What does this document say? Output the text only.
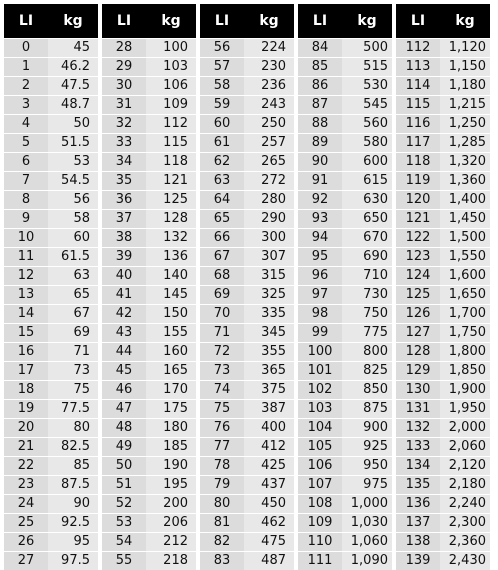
LI	kg
0	45
1	46.2
2	47.5
3	48.7
4	50
5	51.5
6	53
7	54.5
8	56
9	58
10	60
11	61.5
12	63
13	65
14	67
15	69
16	71
17	73
18	75
19	77.5
20	80
21	82.5
22	85
23	87.5
24	90
25	92.5
26	95
27	97.5
LI	kg
28	100
29	103
30	106
31	109
32	112
33	115
34	118
35	121
36	125
37	128
38	132
39	136
40	140
41	145
42	150
43	155
44	160
45	165
46	170
47	175
48	180
49	185
50	190
51	195
52	200
53	206
54	212
55	218
LI	kg
56	224
57	230
58	236
59	243
60	250
61	257
62	265
63	272
64	280
65	290
66	300
67	307
68	315
69	325
70	335
71	345
72	355
73	365
74	375
75	387
76	400
77	412
78	425
79	437
80	450
81	462
82	475
83	487
LI	kg
84	500
85	515
86	530
87	545
88	560
89	580
90	600
91	615
92	630
93	650
94	670
95	690
96	710
97	730
98	750
99	775
100	800
101	825
102	850
103	875
104	900
105	925
106	950
107	975
108	1,000
109	1,030
110	1,060
111	1,090
LI	kg
112	1,120
113	1,150
114	1,180
115	1,215
116	1,250
117	1,285
118	1,320
119	1,360
120	1,400
121	1,450
122	1,500
123	1,550
124	1,600
125	1,650
126	1,700
127	1,750
128	1,800
129	1,850
130	1,900
131	1,950
132	2,000
133	2,060
134	2,120
135	2,180
136	2,240
137	2,300
138	2,360
139	2,430
